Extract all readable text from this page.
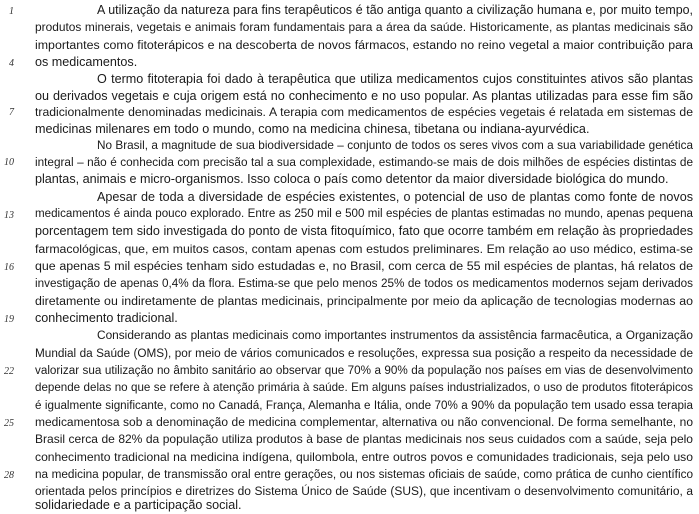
1
4
7
10
13
16
19
22
25
28
A utilização da natureza para fins terapêuticos é tão antiga quanto a civilização humana e, por muito tempo,
produtos minerais, vegetais e animais foram fundamentais para a área da saúde. Historicamente, as plantas medicinais são
importantes como fitoterápicos e na descoberta de novos fármacos, estando no reino vegetal a maior contribuição para
os medicamentos.
O termo fitoterapia foi dado à terapêutica que utiliza medicamentos cujos constituintes ativos são plantas
ou derivados vegetais e cuja origem está no conhecimento e no uso popular. As plantas utilizadas para esse fim são
tradicionalmente denominadas medicinais. A terapia com medicamentos de espécies vegetais é relatada em sistemas de
medicinas milenares em todo o mundo, como na medicina chinesa, tibetana ou indiana-ayurvédica.
No Brasil, a magnitude de sua biodiversidade – conjunto de todos os seres vivos com a sua variabilidade genética
integral – não é conhecida com precisão tal a sua complexidade, estimando-se mais de dois milhões de espécies distintas de
plantas, animais e micro-organismos. Isso coloca o país como detentor da maior diversidade biológica do mundo.
Apesar de toda a diversidade de espécies existentes, o potencial de uso de plantas como fonte de novos
medicamentos é ainda pouco explorado. Entre as 250 mil e 500 mil espécies de plantas estimadas no mundo, apenas pequena
porcentagem tem sido investigada do ponto de vista fitoquímico, fato que ocorre também em relação às propriedades
farmacológicas, que, em muitos casos, contam apenas com estudos preliminares. Em relação ao uso médico, estima-se
que apenas 5 mil espécies tenham sido estudadas e, no Brasil, com cerca de 55 mil espécies de plantas, há relatos de
investigação de apenas 0,4% da flora. Estima-se que pelo menos 25% de todos os medicamentos modernos sejam derivados
diretamente ou indiretamente de plantas medicinais, principalmente por meio da aplicação de tecnologias modernas ao
conhecimento tradicional.
Considerando as plantas medicinais como importantes instrumentos da assistência farmacêutica, a Organização
Mundial da Saúde (OMS), por meio de vários comunicados e resoluções, expressa sua posição a respeito da necessidade de
valorizar sua utilização no âmbito sanitário ao observar que 70% a 90% da população nos países em vias de desenvolvimento
depende delas no que se refere à atenção primária à saúde. Em alguns países industrializados, o uso de produtos fitoterápicos
é igualmente significante, como no Canadá, França, Alemanha e Itália, onde 70% a 90% da população tem usado essa terapia
medicamentosa sob a denominação de medicina complementar, alternativa ou não convencional. De forma semelhante, no
Brasil cerca de 82% da população utiliza produtos à base de plantas medicinais nos seus cuidados com a saúde, seja pelo
conhecimento tradicional na medicina indígena, quilombola, entre outros povos e comunidades tradicionais, seja pelo uso
na medicina popular, de transmissão oral entre gerações, ou nos sistemas oficiais de saúde, como prática de cunho científico
orientada pelos princípios e diretrizes do Sistema Único de Saúde (SUS), que incentivam o desenvolvimento comunitário, a
solidariedade e a participação social.
